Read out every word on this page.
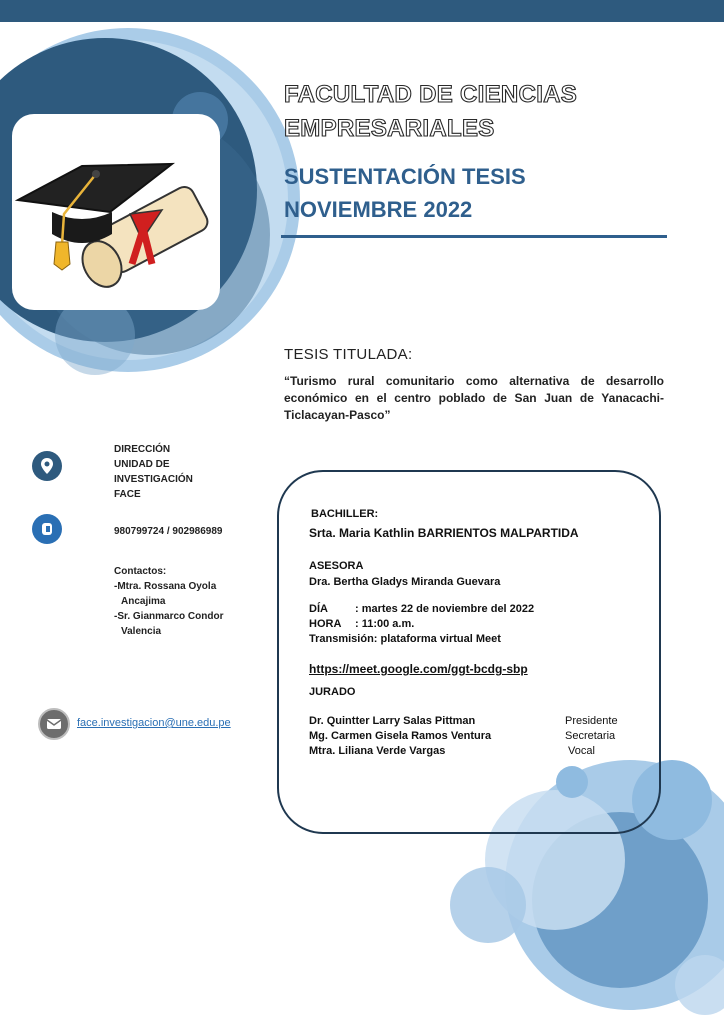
FACULTAD DE CIENCIAS
EMPRESARIALES
SUSTENTACIÓN TESIS
NOVIEMBRE 2022
TESIS TITULADA:
“Turismo rural comunitario como alternativa de desarrollo económico en el centro poblado de San Juan de Yanacachi-Ticlacayan-Pasco”
DIRECCIÓN
UNIDAD DE
INVESTIGACIÓN
FACE
980799724 / 902986989
Contactos:
-Mtra. Rossana Oyola
Ancajima
-Sr. Gianmarco Condor
Valencia
face.investigacion@une.edu.pe
BACHILLER:
Srta. Maria Kathlin BARRIENTOS MALPARTIDA
ASESORA
Dra. Bertha Gladys Miranda Guevara
DÍA : martes 22 de noviembre del 2022
HORA : 11:00 a.m.
Transmisión: plataforma virtual Meet
https://meet.google.com/ggt-bcdg-sbp
JURADO
Dr. Quintter Larry Salas Pittman	Presidente
Mg. Carmen Gisela Ramos Ventura	Secretaria
Mtra. Liliana Verde Vargas	Vocal
